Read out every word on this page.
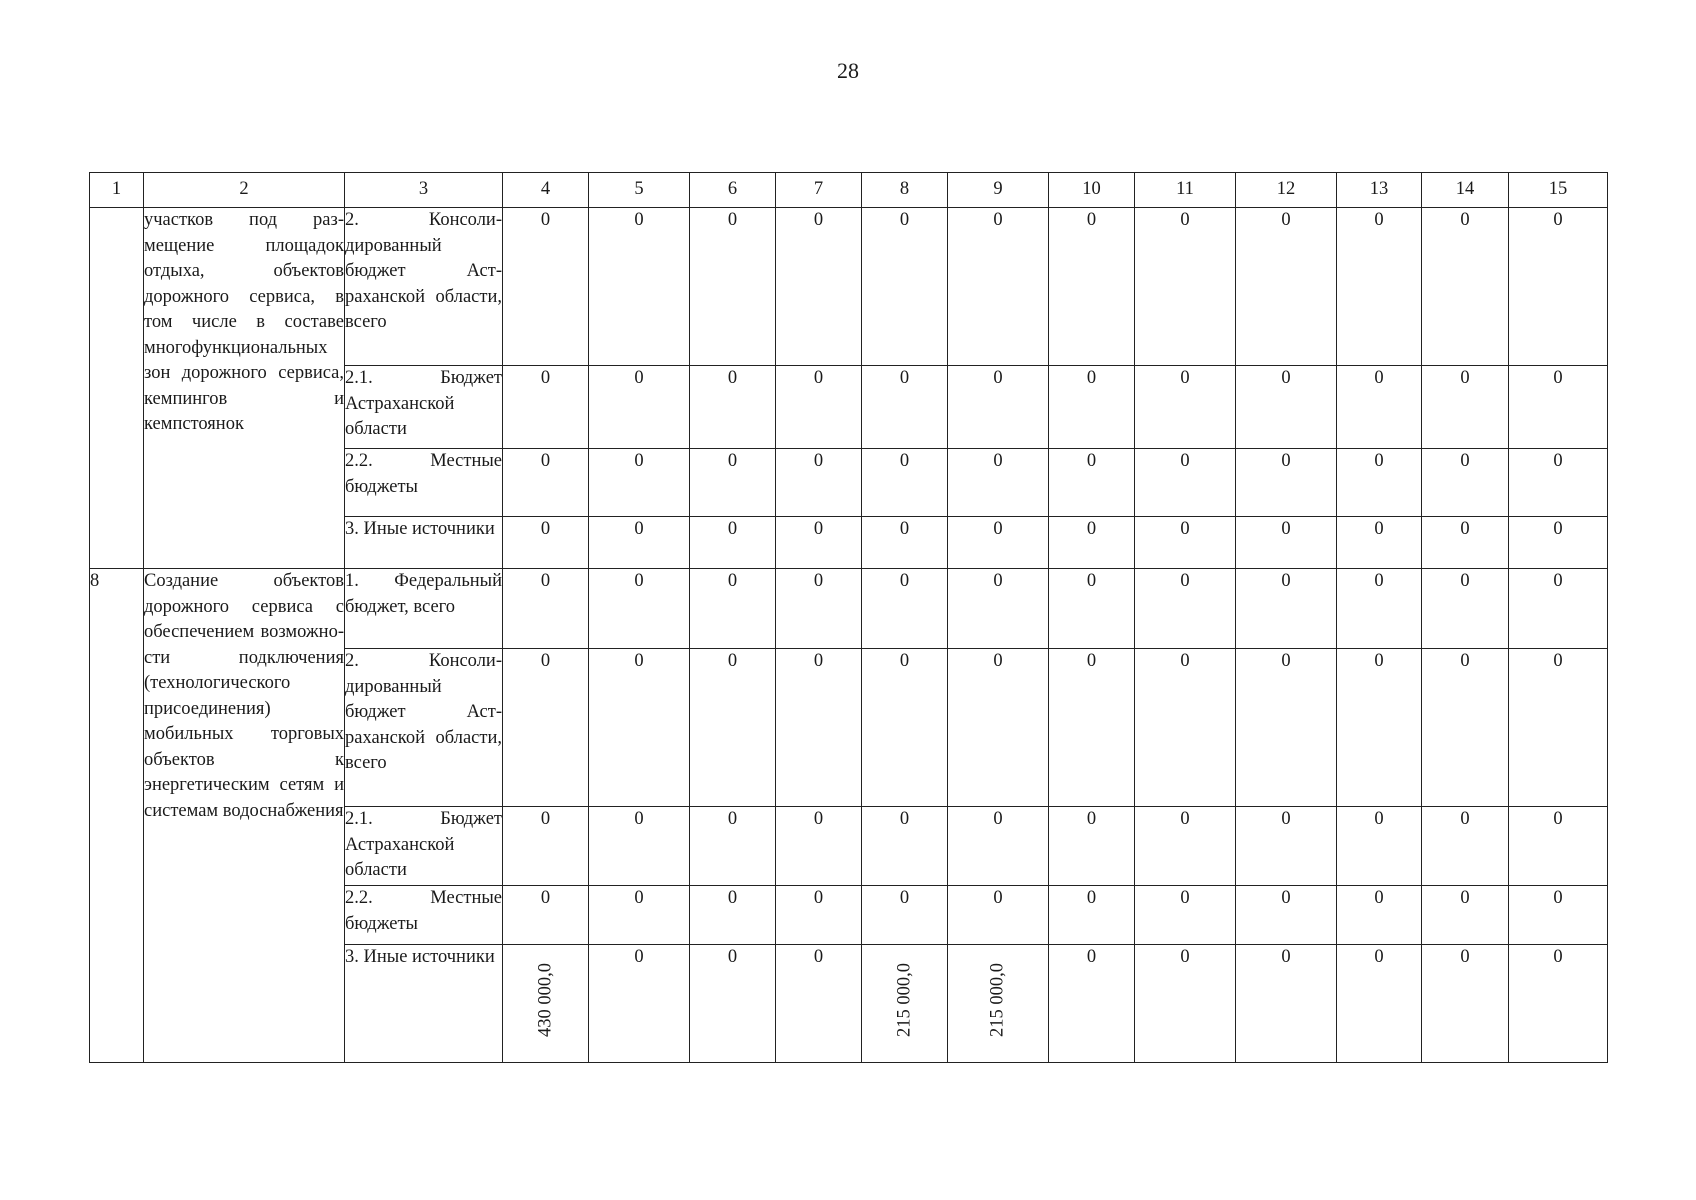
28
1	2	3	4	5	6	7	8	9	10	11	12	13	14	15
	участков под размещение площадок отдыха, объектов дорожного сервиса, в том числе в составе многофункциональных зон дорожного сервиса, кемпингов и кемпстоянок	2. Консолидированный бюджет Астраханской области, всего	0	0	0	0	0	0	0	0	0	0	0	0
		2.1. Бюджет Астраханской области	0	0	0	0	0	0	0	0	0	0	0	0
		2.2. Местные бюджеты	0	0	0	0	0	0	0	0	0	0	0	0
		3. Иные источники	0	0	0	0	0	0	0	0	0	0	0	0
8	Создание объектов дорожного сервиса с обеспечением возможности подключения (технологического присоединения) мобильных торговых объектов к энергетическим сетям и системам водоснабжения	1. Федеральный бюджет, всего	0	0	0	0	0	0	0	0	0	0	0	0
		2. Консолидированный бюджет Астраханской области, всего	0	0	0	0	0	0	0	0	0	0	0	0
		2.1. Бюджет Астраханской области	0	0	0	0	0	0	0	0	0	0	0	0
		2.2. Местные бюджеты	0	0	0	0	0	0	0	0	0	0	0	0
		3. Иные источники	430 000,0	0	0	0	215 000,0	215 000,0	0	0	0	0	0	0
